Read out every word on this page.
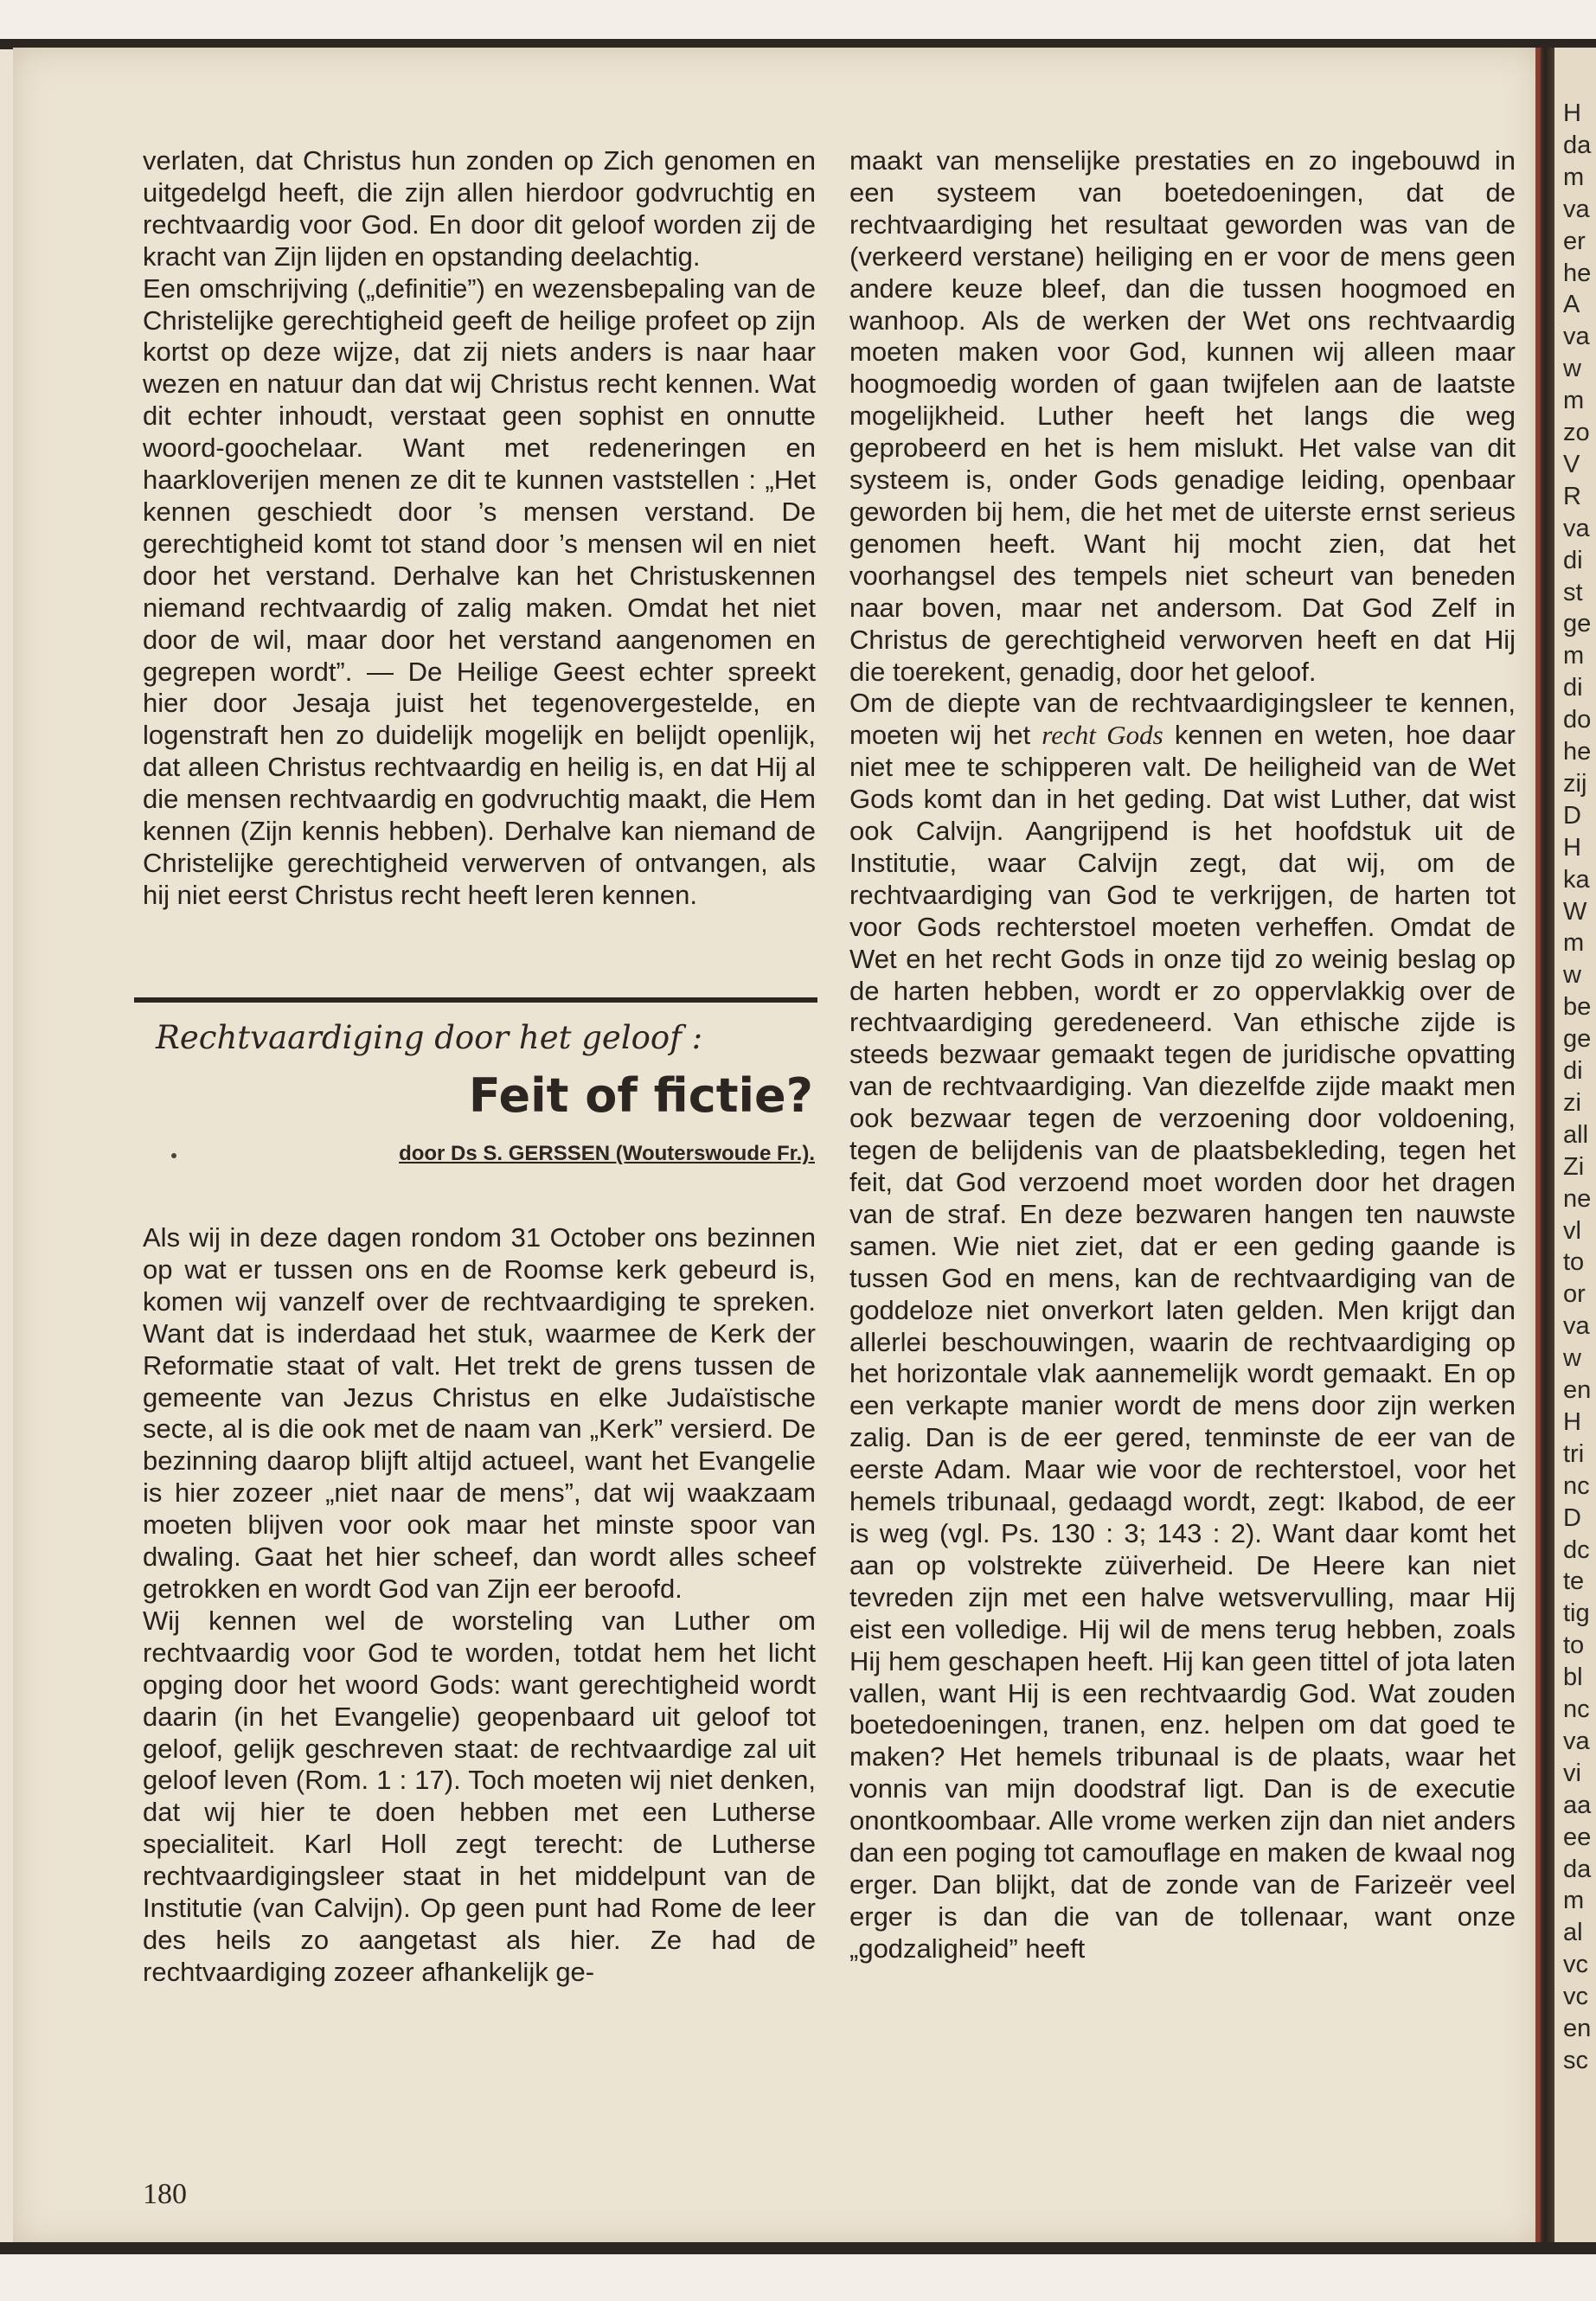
H
da
m
va
er
he
A
va
w
m
zo
V
R
va
di
st
ge
m
di
do
he
zij
D
H
ka
W
m
w
be
ge
di
zi
all
Zi
ne
vl
to
or
va
w
en
H
tri
nc
D
dc
te
tig
to
bl
nc
va
vi
aa
ee
da
m
al
vc
vc
en
sc

verlaten, dat Christus hun zonden op Zich genomen en uitgedelgd heeft, die zijn allen hierdoor godvruchtig en rechtvaardig voor God. En door dit geloof worden zij de kracht van Zijn lijden en opstanding deelachtig.

Een omschrijving („definitie”) en wezensbepaling van de Christelijke gerechtigheid geeft de heilige profeet op zijn kortst op deze wijze, dat zij niets anders is naar haar wezen en natuur dan dat wij Christus recht kennen. Wat dit echter inhoudt, verstaat geen sophist en onnutte woord-goochelaar. Want met redeneringen en haarkloverijen menen ze dit te kunnen vaststellen : „Het kennen geschiedt door ’s mensen verstand. De gerechtigheid komt tot stand door ’s mensen wil en niet door het verstand. Derhalve kan het Christuskennen niemand rechtvaardig of zalig maken. Omdat het niet door de wil, maar door het verstand aangenomen en gegrepen wordt”. — De Heilige Geest echter spreekt hier door Jesaja juist het tegenovergestelde, en logenstraft hen zo duidelijk mogelijk en belijdt openlijk, dat alleen Christus rechtvaardig en heilig is, en dat Hij al die mensen rechtvaardig en godvruchtig maakt, die Hem kennen (Zijn kennis hebben). Derhalve kan niemand de Christelijke gerechtigheid verwerven of ontvangen, als hij niet eerst Christus recht heeft leren kennen.

Rechtvaardiging door het geloof :
Feit of fictie?
door Ds S. GERSSEN (Wouterswoude Fr.).

Als wij in deze dagen rondom 31 October ons bezinnen op wat er tussen ons en de Roomse kerk gebeurd is, komen wij vanzelf over de rechtvaardiging te spreken. Want dat is inderdaad het stuk, waarmee de Kerk der Reformatie staat of valt. Het trekt de grens tussen de gemeente van Jezus Christus en elke Judaïstische secte, al is die ook met de naam van „Kerk” versierd. De bezinning daarop blijft altijd actueel, want het Evangelie is hier zozeer „niet naar de mens”, dat wij waakzaam moeten blijven voor ook maar het minste spoor van dwaling. Gaat het hier scheef, dan wordt alles scheef getrokken en wordt God van Zijn eer beroofd.

Wij kennen wel de worsteling van Luther om rechtvaardig voor God te worden, totdat hem het licht opging door het woord Gods: want gerechtigheid wordt daarin (in het Evangelie) geopenbaard uit geloof tot geloof, gelijk geschreven staat: de rechtvaardige zal uit geloof leven (Rom. 1 : 17). Toch moeten wij niet denken, dat wij hier te doen hebben met een Lutherse specialiteit. Karl Holl zegt terecht: de Lutherse rechtvaardigingsleer staat in het middelpunt van de Institutie (van Calvijn). Op geen punt had Rome de leer des heils zo aangetast als hier. Ze had de rechtvaardiging zozeer afhankelijk ge-

180

maakt van menselijke prestaties en zo ingebouwd in een systeem van boetedoeningen, dat de rechtvaardiging het resultaat geworden was van de (verkeerd verstane) heiliging en er voor de mens geen andere keuze bleef, dan die tussen hoogmoed en wanhoop. Als de werken der Wet ons rechtvaardig moeten maken voor God, kunnen wij alleen maar hoogmoedig worden of gaan twijfelen aan de laatste mogelijkheid. Luther heeft het langs die weg geprobeerd en het is hem mislukt. Het valse van dit systeem is, onder Gods genadige leiding, openbaar geworden bij hem, die het met de uiterste ernst serieus genomen heeft. Want hij mocht zien, dat het voorhangsel des tempels niet scheurt van beneden naar boven, maar net andersom. Dat God Zelf in Christus de gerechtigheid verworven heeft en dat Hij die toerekent, genadig, door het geloof.

Om de diepte van de rechtvaardigingsleer te kennen, moeten wij het recht Gods kennen en weten, hoe daar niet mee te schipperen valt. De heiligheid van de Wet Gods komt dan in het geding. Dat wist Luther, dat wist ook Calvijn. Aangrijpend is het hoofdstuk uit de Institutie, waar Calvijn zegt, dat wij, om de rechtvaardiging van God te verkrijgen, de harten tot voor Gods rechterstoel moeten verheffen. Omdat de Wet en het recht Gods in onze tijd zo weinig beslag op de harten hebben, wordt er zo oppervlakkig over de rechtvaardiging geredeneerd. Van ethische zijde is steeds bezwaar gemaakt tegen de juridische opvatting van de rechtvaardiging. Van diezelfde zijde maakt men ook bezwaar tegen de verzoening door voldoening, tegen de belijdenis van de plaatsbekleding, tegen het feit, dat God verzoend moet worden door het dragen van de straf. En deze bezwaren hangen ten nauwste samen. Wie niet ziet, dat er een geding gaande is tussen God en mens, kan de rechtvaardiging van de goddeloze niet onverkort laten gelden. Men krijgt dan allerlei beschouwingen, waarin de rechtvaardiging op het horizontale vlak aannemelijk wordt gemaakt. En op een verkapte manier wordt de mens door zijn werken zalig. Dan is de eer gered, tenminste de eer van de eerste Adam. Maar wie voor de rechterstoel, voor het hemels tribunaal, gedaagd wordt, zegt: Ikabod, de eer is weg (vgl. Ps. 130 : 3; 143 : 2). Want daar komt het aan op volstrekte züiverheid. De Heere kan niet tevreden zijn met een halve wetsvervulling, maar Hij eist een volledige. Hij wil de mens terug hebben, zoals Hij hem geschapen heeft. Hij kan geen tittel of jota laten vallen, want Hij is een rechtvaardig God. Wat zouden boetedoeningen, tranen, enz. helpen om dat goed te maken? Het hemels tribunaal is de plaats, waar het vonnis van mijn doodstraf ligt. Dan is de executie onontkoombaar. Alle vrome werken zijn dan niet anders dan een poging tot camouflage en maken de kwaal nog erger. Dan blijkt, dat de zonde van de Farizeër veel erger is dan die van de tollenaar, want onze „godzaligheid” heeft
